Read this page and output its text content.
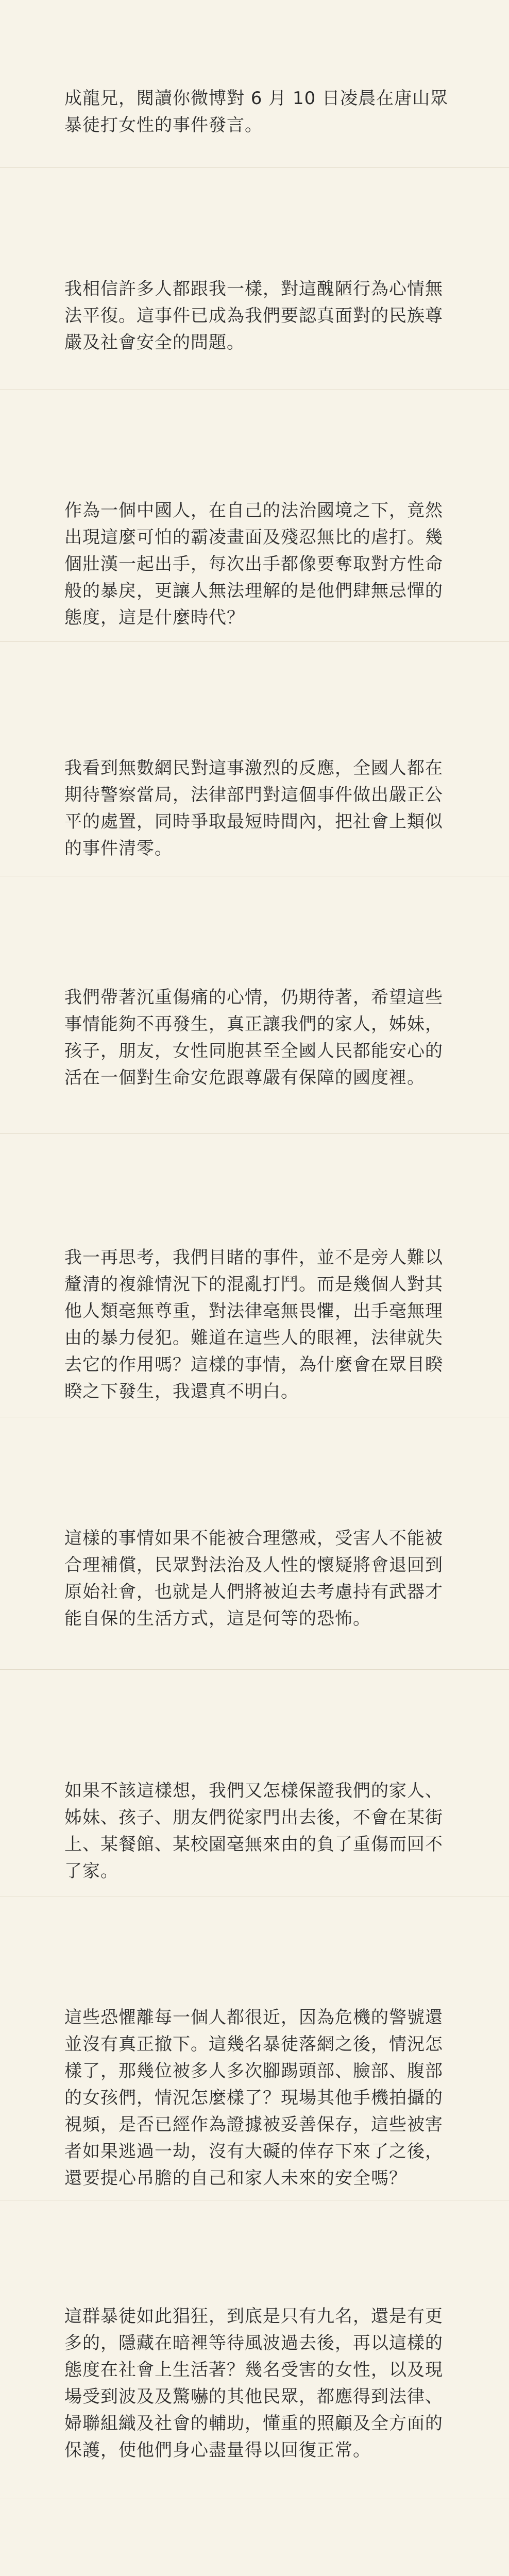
成龍兄，閱讀你微博對 6 月 10 日凌晨在唐山眾暴徒打女性的事件發言。

我相信許多人都跟我一樣，對這醜陋行為心情無法平復。這事件已成為我們要認真面對的民族尊嚴及社會安全的問題。

作為一個中國人，在自己的法治國境之下，竟然出現這麼可怕的霸凌畫面及殘忍無比的虐打。幾個壯漢一起出手，每次出手都像要奪取對方性命般的暴戾，更讓人無法理解的是他們肆無忌憚的態度，這是什麼時代？

我看到無數網民對這事激烈的反應，全國人都在期待警察當局，法律部門對這個事件做出嚴正公平的處置，同時爭取最短時間內，把社會上類似的事件清零。

我們帶著沉重傷痛的心情，仍期待著，希望這些事情能夠不再發生，真正讓我們的家人，姊妹，孩子，朋友，女性同胞甚至全國人民都能安心的活在一個對生命安危跟尊嚴有保障的國度裡。

我一再思考，我們目睹的事件，並不是旁人難以釐清的複雜情況下的混亂打鬥。而是幾個人對其他人類毫無尊重，對法律毫無畏懼，出手毫無理由的暴力侵犯。難道在這些人的眼裡，法律就失去它的作用嗎？這樣的事情，為什麼會在眾目睽睽之下發生，我還真不明白。

這樣的事情如果不能被合理懲戒，受害人不能被合理補償，民眾對法治及人性的懷疑將會退回到原始社會，也就是人們將被迫去考慮持有武器才能自保的生活方式，這是何等的恐怖。

如果不該這樣想，我們又怎樣保證我們的家人、姊妹、孩子、朋友們從家門出去後，不會在某街上、某餐館、某校園毫無來由的負了重傷而回不了家。

這些恐懼離每一個人都很近，因為危機的警號還並沒有真正撤下。這幾名暴徒落網之後，情況怎樣了，那幾位被多人多次腳踢頭部、臉部、腹部的女孩們，情況怎麼樣了？現場其他手機拍攝的視頻，是否已經作為證據被妥善保存，這些被害者如果逃過一劫，沒有大礙的倖存下來了之後，還要提心吊膽的自己和家人未來的安全嗎？

這群暴徒如此猖狂，到底是只有九名，還是有更多的，隱藏在暗裡等待風波過去後，再以這樣的態度在社會上生活著？幾名受害的女性，以及現場受到波及及驚嚇的其他民眾，都應得到法律、婦聯組織及社會的輔助，懂重的照顧及全方面的保護，使他們身心盡量得以回復正常。
